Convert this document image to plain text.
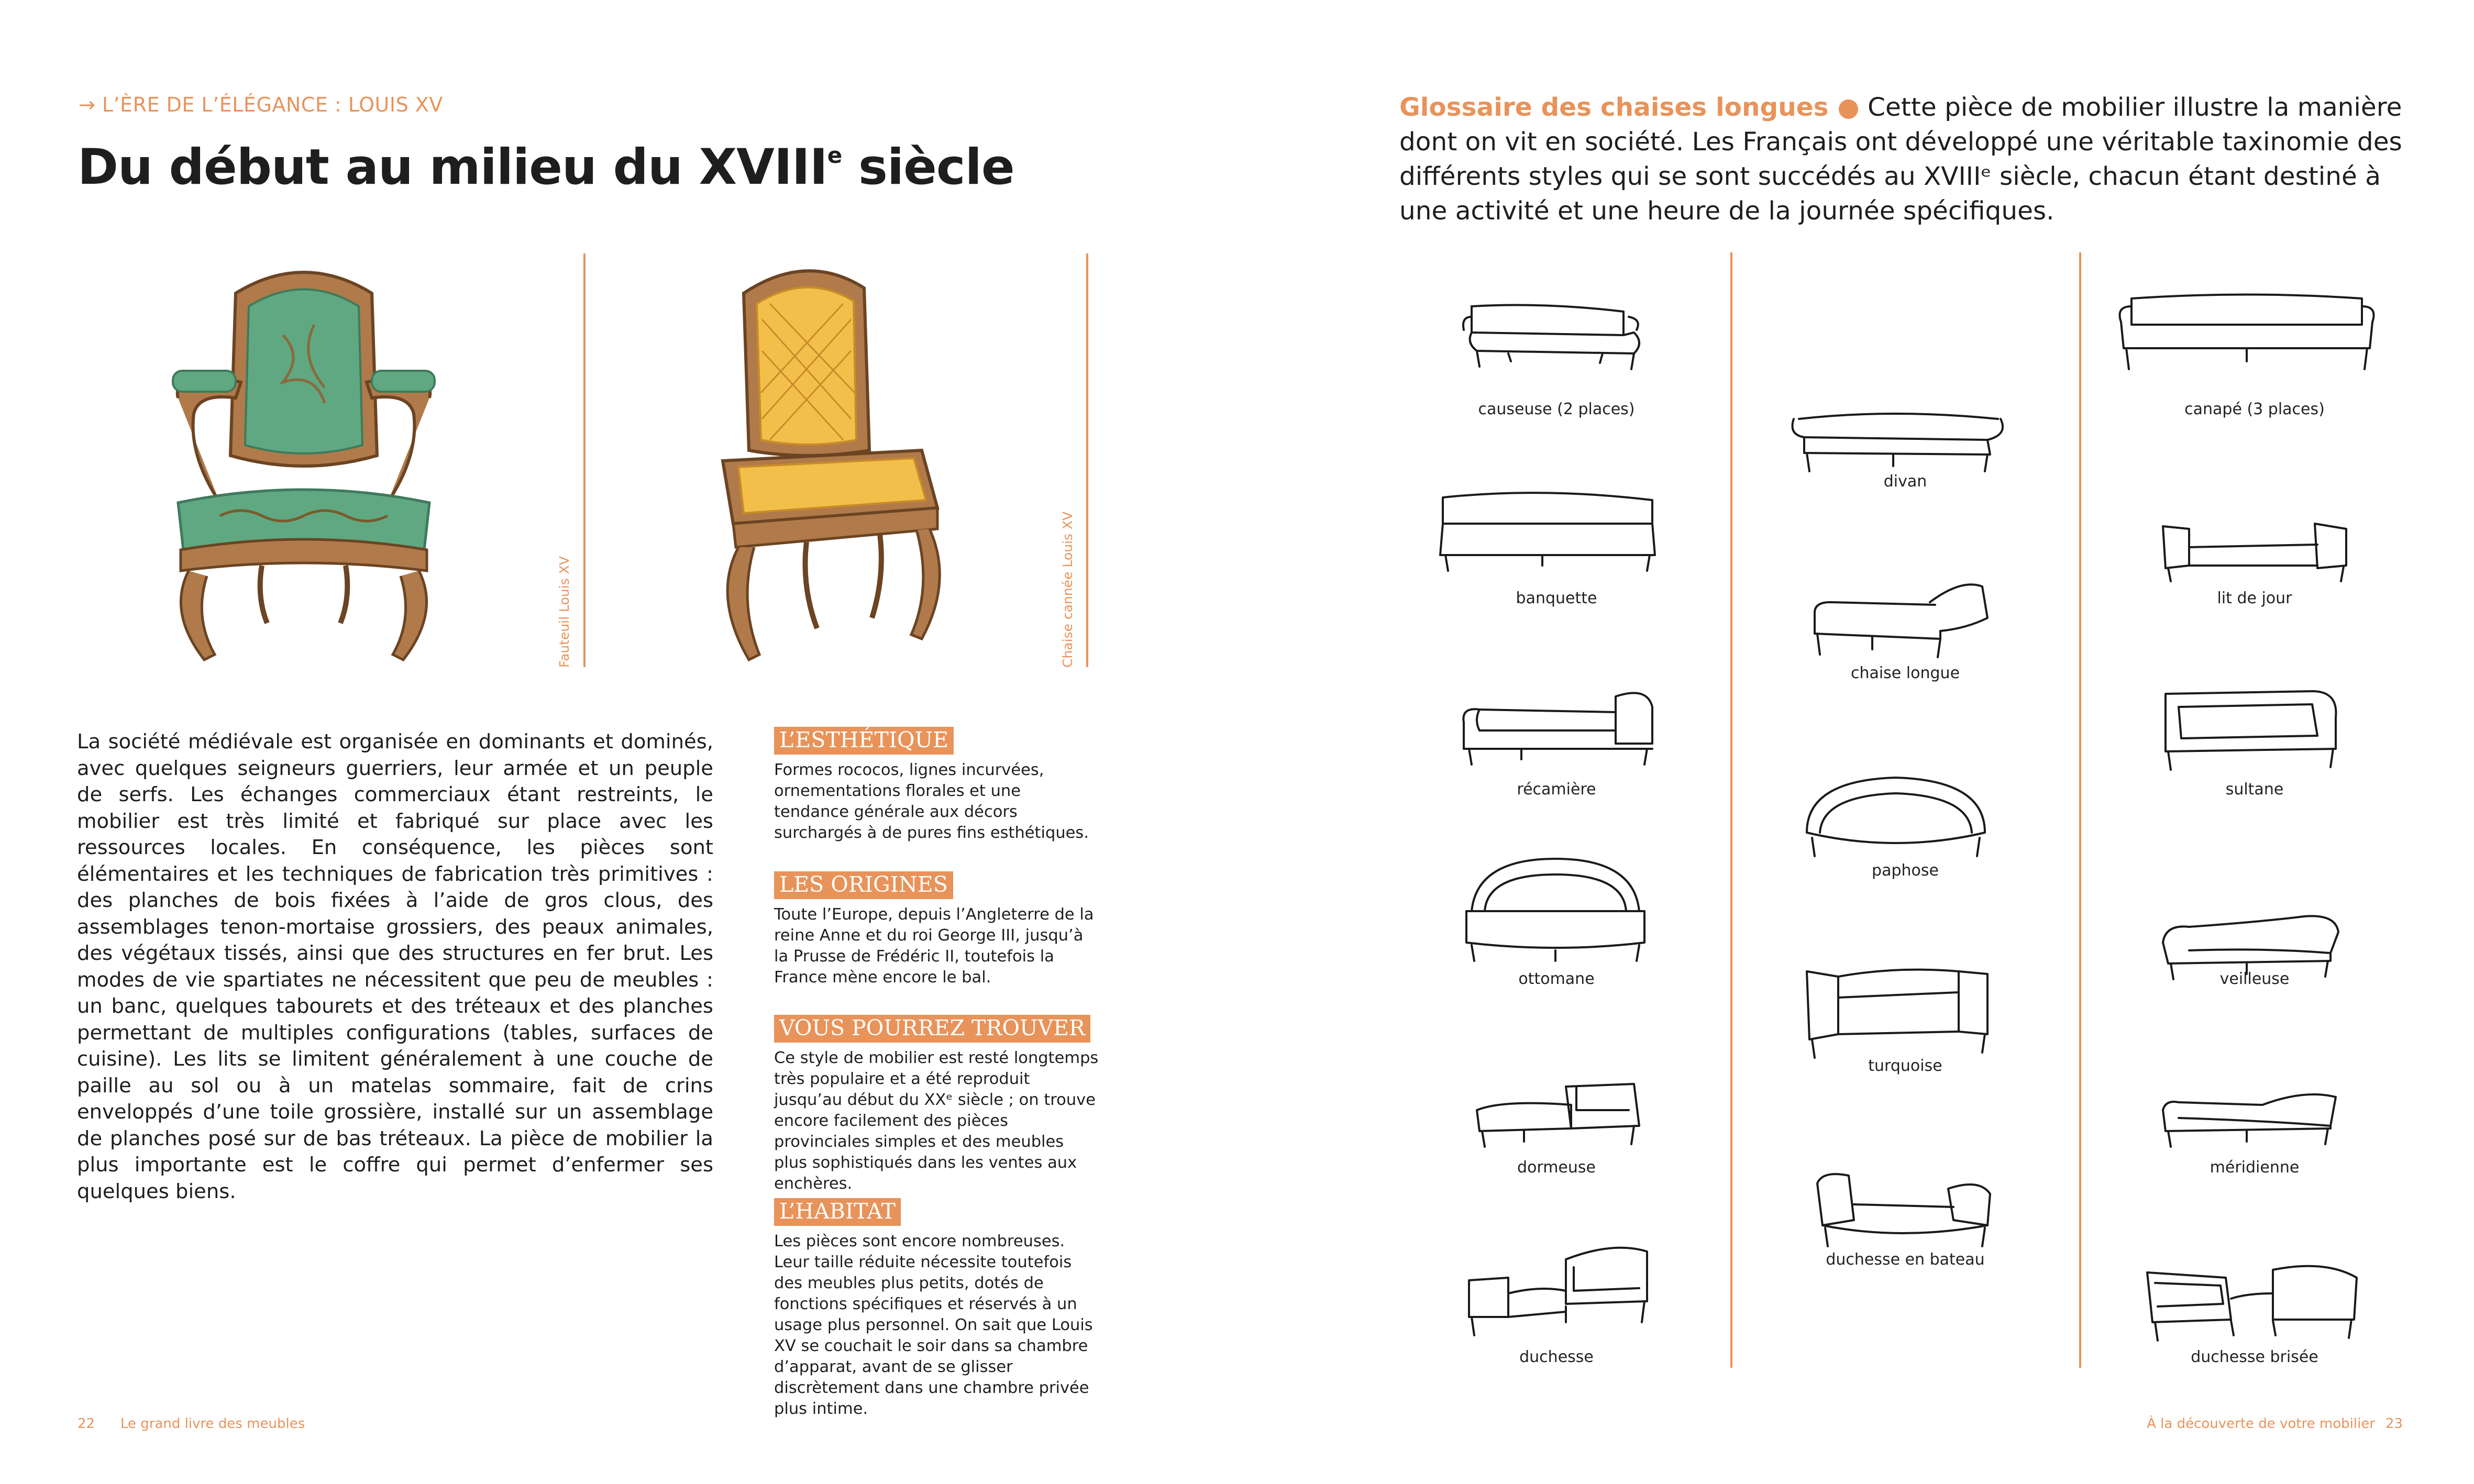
→ L’ÈRE DE L’ÉLÉGANCE : LOUIS XV
Du début au milieu du XVIIIe siècle
Fauteuil Louis XV	Chaise cannée Louis XV

La société médiévale est organisée en dominants et dominés, avec quelques seigneurs guerriers, leur armée et un peuple de serfs. Les échanges commerciaux étant restreints, le mobilier est très limité et fabriqué sur place avec les ressources locales. En conséquence, les pièces sont élémentaires et les techniques de fabrication très primitives : des planches de bois fixées à l’aide de gros clous, des assemblages tenon-mortaise grossiers, des peaux animales, des végétaux tissés, ainsi que des structures en fer brut. Les modes de vie spartiates ne nécessitent que peu de meubles : un banc, quelques tabourets et des tréteaux et des planches permettant de multiples configurations (tables, surfaces de cuisine). Les lits se limitent généralement à une couche de paille au sol ou à un matelas sommaire, fait de crins enveloppés d’une toile grossière, installé sur un assemblage de planches posé sur de bas tréteaux. La pièce de mobilier la plus importante est le coffre qui permet d’enfermer ses quelques biens.

L’ESTHÉTIQUE
Formes rococos, lignes incurvées, ornementations florales et une tendance générale aux décors surchargés à de pures fins esthétiques.
LES ORIGINES
Toute l’Europe, depuis l’Angleterre de la reine Anne et du roi George III, jusqu’à la Prusse de Frédéric II, toutefois la France mène encore le bal.
VOUS POURREZ TROUVER
Ce style de mobilier est resté longtemps très populaire et a été reproduit jusqu’au début du XXᵉ siècle ; on trouve encore facilement des pièces provinciales simples et des meubles plus sophistiqués dans les ventes aux enchères.
L’HABITAT
Les pièces sont encore nombreuses. Leur taille réduite nécessite toutefois des meubles plus petits, dotés de fonctions spécifiques et réservés à un usage plus personnel. On sait que Louis XV se couchait le soir dans sa chambre d’apparat, avant de se glisser discrètement dans une chambre privée plus intime.
22 Le grand livre des meubles
Glossaire des chaises longues ● Cette pièce de mobilier illustre la manière dont on vit en société. Les Français ont développé une véritable taxinomie des différents styles qui se sont succédés au XVIIIᵉ siècle, chacun étant destiné à une activité et une heure de la journée spécifiques.
causeuse (2 places)
banquette
récamière
ottomane
dormeuse
duchesse
divan
chaise longue
paphose
turquoise
duchesse en bateau
canapé (3 places)
lit de jour
sultane
veilleuse
méridienne
duchesse brisée
À la découverte de votre mobilier 23
